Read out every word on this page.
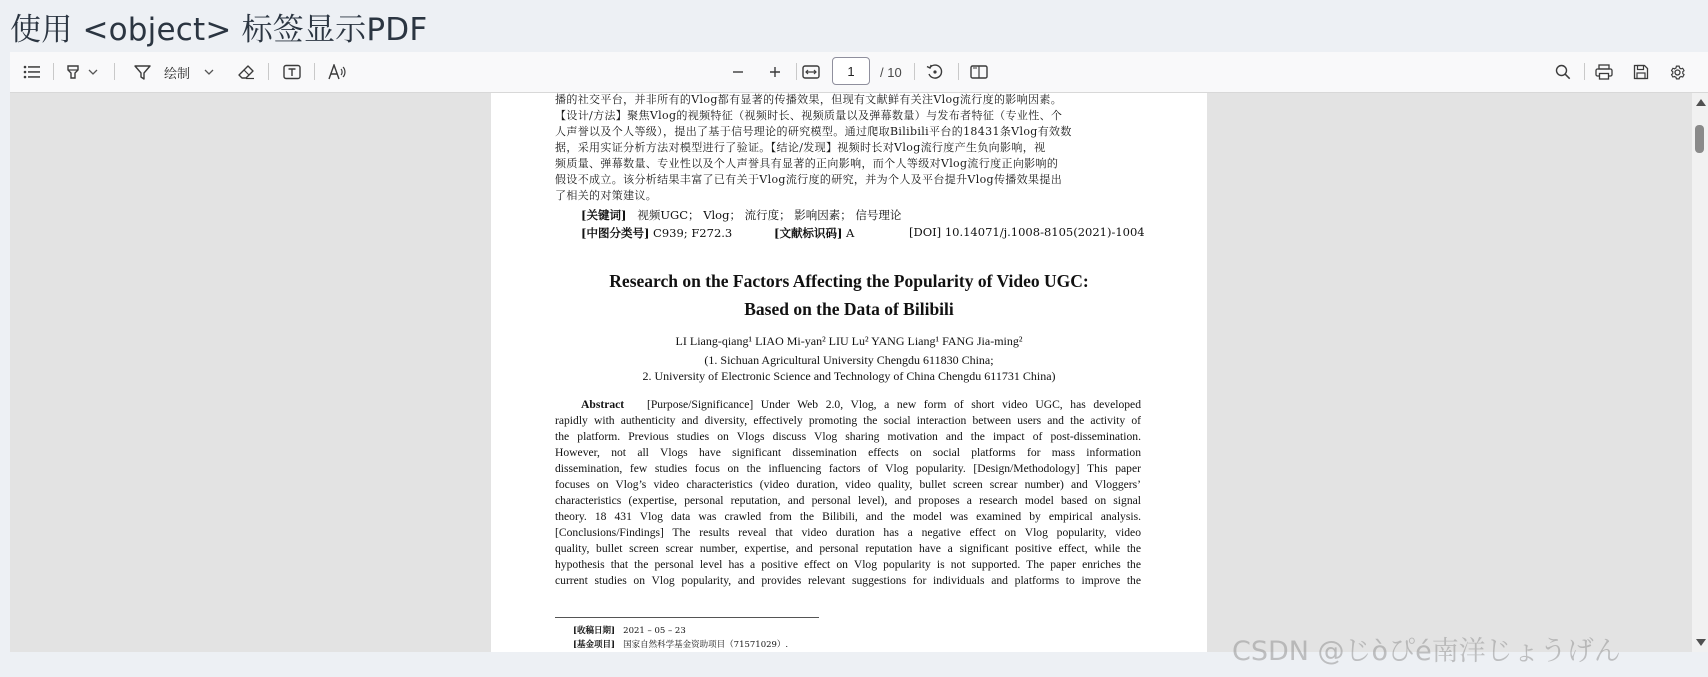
使用 <object> 标签显示PDF
绘制
1	/ 10
播的社交平台，并非所有的Vlog都有显著的传播效果，但现有文献鲜有关注Vlog流行度的影响因素。
【设计/方法】聚焦Vlog的视频特征（视频时长、视频质量以及弹幕数量）与发布者特征（专业性、个
人声誉以及个人等级），提出了基于信号理论的研究模型。通过爬取Bilibili平台的18431条Vlog有效数
据，采用实证分析方法对模型进行了验证。【结论/发现】视频时长对Vlog流行度产生负向影响，视
频质量、弹幕数量、专业性以及个人声誉具有显著的正向影响，而个人等级对Vlog流行度正向影响的
假设不成立。该分析结果丰富了已有关于Vlog流行度的研究，并为个人及平台提升Vlog传播效果提出
了相关的对策建议。
[关键词] 视频UGC； Vlog； 流行度； 影响因素； 信号理论
[中图分类号] C939; F272.3	[文献标识码] A	[DOI] 10.14071/j.1008-8105(2021)-1004
Research on the Factors Affecting the Popularity of Video UGC:
Based on the Data of Bilibili
LI Liang-qiang¹ LIAO Mi-yan² LIU Lu² YANG Liang¹ FANG Jia-ming²
(1. Sichuan Agricultural University Chengdu 611830 China;
2. University of Electronic Science and Technology of China Chengdu 611731 China)
Abstract [Purpose/Significance] Under Web 2.0, Vlog, a new form of short video UGC, has developed
rapidly with authenticity and diversity, effectively promoting the social interaction between users and the activity of
the platform. Previous studies on Vlogs discuss Vlog sharing motivation and the impact of post-dissemination.
However, not all Vlogs have significant dissemination effects on social platforms for mass information
dissemination, few studies focus on the influencing factors of Vlog popularity. [Design/Methodology] This paper
focuses on Vlog’s video characteristics (video duration, video quality, bullet screen screar number) and Vloggers’
characteristics (expertise, personal reputation, and personal level), and proposes a research model based on signal
theory. 18 431 Vlog data was crawled from the Bilibili, and the model was examined by empirical analysis.
[Conclusions/Findings] The results reveal that video duration has a negative effect on Vlog popularity, video
quality, bullet screen screar number, expertise, and personal reputation have a significant positive effect, while the
hypothesis that the personal level has a positive effect on Vlog popularity is not supported. The paper enriches the
current studies on Vlog popularity, and provides relevant suggestions for individuals and platforms to improve the
[收稿日期] 2021 – 05 – 23
[基金项目] 国家自然科学基金资助项目（71571029）.	CSDN @じòぴé南洋じょうげん
